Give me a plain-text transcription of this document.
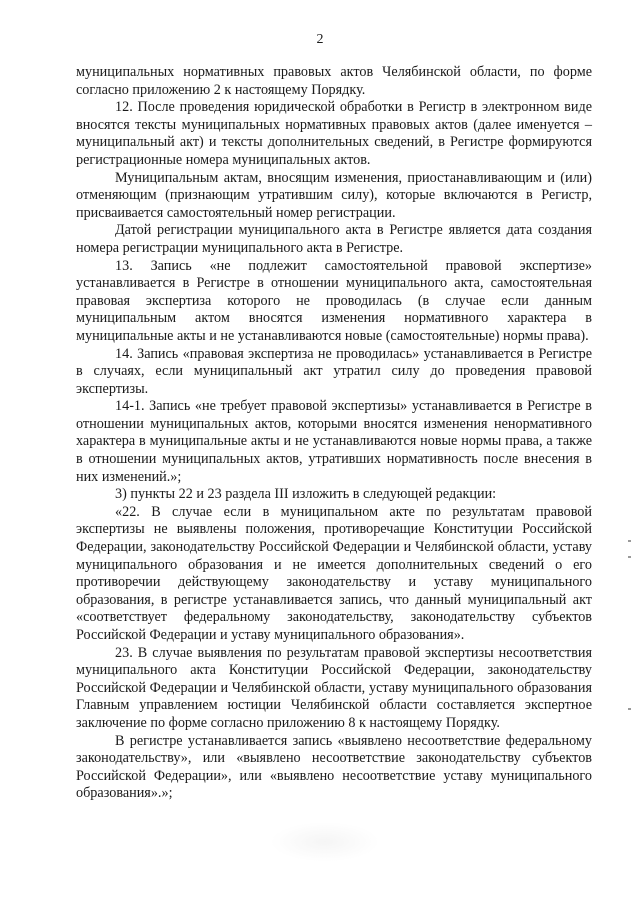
2

муниципальных нормативных правовых актов Челябинской области, по форме согласно приложению 2 к настоящему Порядку.

12. После проведения юридической обработки в Регистр в электронном виде вносятся тексты муниципальных нормативных правовых актов (далее именуется – муниципальный акт) и тексты дополнительных сведений, в Регистре формируются регистрационные номера муниципальных актов.

Муниципальным актам, вносящим изменения, приостанавливающим и (или) отменяющим (признающим утратившим силу), которые включаются в Регистр, присваивается самостоятельный номер регистрации.

Датой регистрации муниципального акта в Регистре является дата создания номера регистрации муниципального акта в Регистре.

13. Запись «не подлежит самостоятельной правовой экспертизе» устанавливается в Регистре в отношении муниципального акта, самостоятельная правовая экспертиза которого не проводилась (в случае если данным муниципальным актом вносятся изменения нормативного характера в муниципальные акты и не устанавливаются новые (самостоятельные) нормы права).

14. Запись «правовая экспертиза не проводилась» устанавливается в Регистре в случаях, если муниципальный акт утратил силу до проведения правовой экспертизы.

14-1. Запись «не требует правовой экспертизы» устанавливается в Регистре в отношении муниципальных актов, которыми вносятся изменения ненормативного характера в муниципальные акты и не устанавливаются новые нормы права, а также в отношении муниципальных актов, утративших нормативность после внесения в них изменений.»;

3) пункты 22 и 23 раздела III изложить в следующей редакции:

«22. В случае если в муниципальном акте по результатам правовой экспертизы не выявлены положения, противоречащие Конституции Российской Федерации, законодательству Российской Федерации и Челябинской области, уставу муниципального образования и не имеется дополнительных сведений о его противоречии действующему законодательству и уставу муниципального образования, в регистре устанавливается запись, что данный муниципальный акт «соответствует федеральному законодательству, законодательству субъектов Российской Федерации и уставу муниципального образования».

23. В случае выявления по результатам правовой экспертизы несоответствия муниципального акта Конституции Российской Федерации, законодательству Российской Федерации и Челябинской области, уставу муниципального образования Главным управлением юстиции Челябинской области составляется экспертное заключение по форме согласно приложению 8 к настоящему Порядку.

В регистре устанавливается запись «выявлено несоответствие федеральному законодательству», или «выявлено несоответствие законодательству субъектов Российской Федерации», или «выявлено несоответствие уставу муниципального образования».»;
